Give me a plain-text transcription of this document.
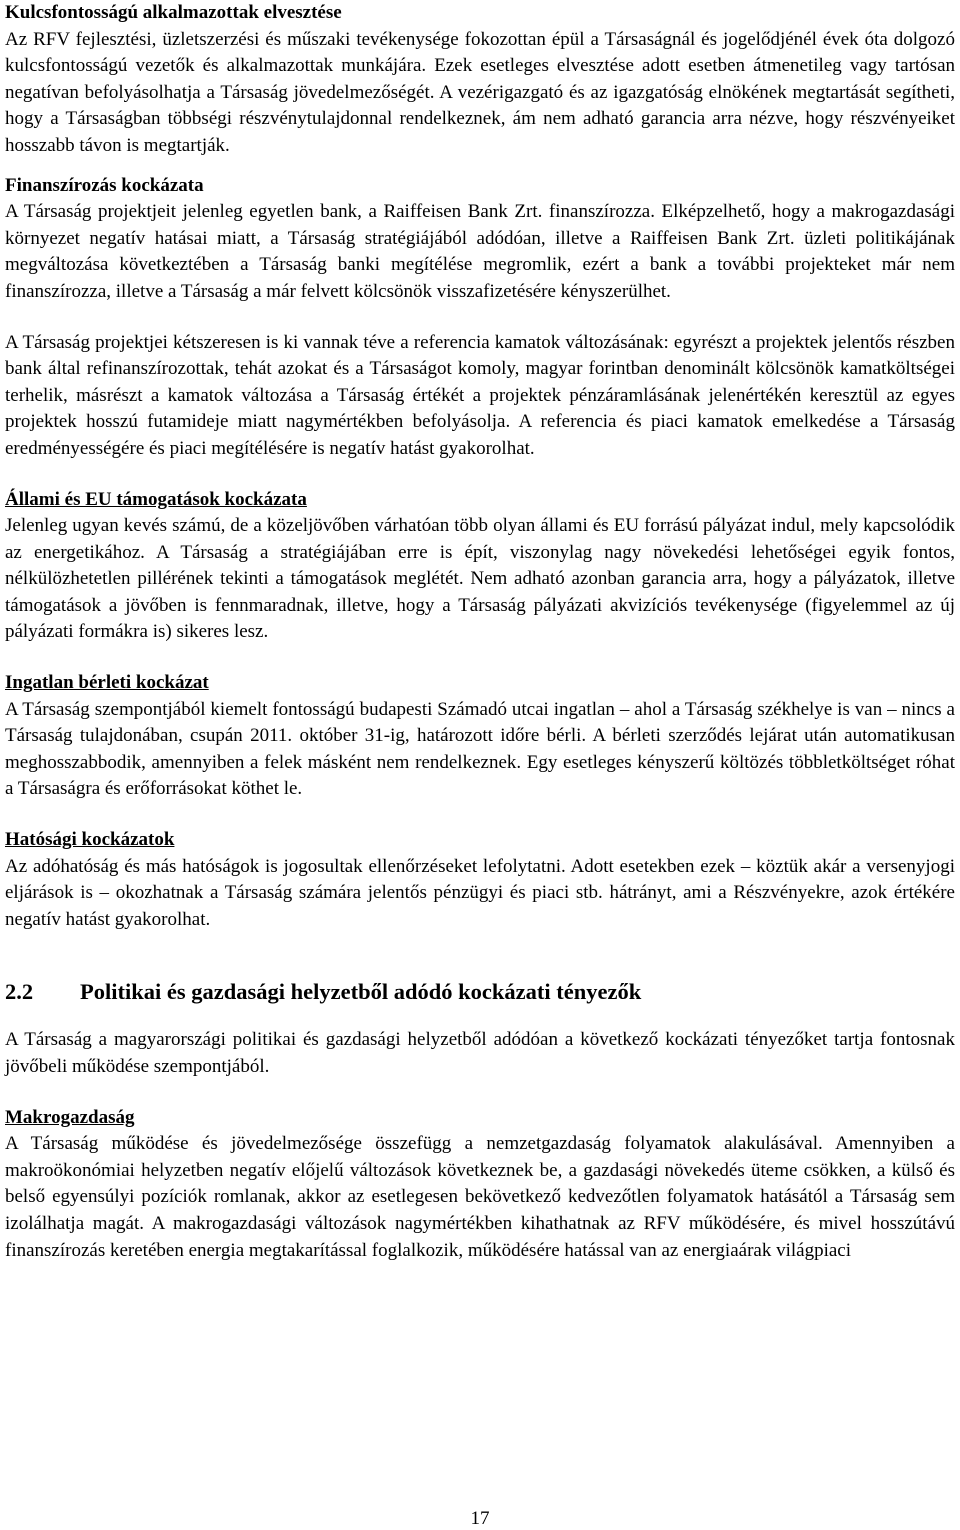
Kulcsfontosságú alkalmazottak elvesztése

Az RFV fejlesztési, üzletszerzési és műszaki tevékenysége fokozottan épül a Társaságnál és jogelődjénél évek óta dolgozó kulcsfontosságú vezetők és alkalmazottak munkájára. Ezek esetleges elvesztése adott esetben átmenetileg vagy tartósan negatívan befolyásolhatja a Társaság jövedelmezőségét. A vezérigazgató és az igazgatóság elnökének megtartását segítheti, hogy a Társaságban többségi részvénytulajdonnal rendelkeznek, ám nem adható garancia arra nézve, hogy részvényeiket hosszabb távon is megtartják.

Finanszírozás kockázata

A Társaság projektjeit jelenleg egyetlen bank, a Raiffeisen Bank Zrt. finanszírozza. Elképzelhető, hogy a makrogazdasági környezet negatív hatásai miatt, a Társaság stratégiájából adódóan, illetve a Raiffeisen Bank Zrt. üzleti politikájának megváltozása következtében a Társaság banki megítélése megromlik, ezért a bank a további projekteket már nem finanszírozza, illetve a Társaság a már felvett kölcsönök visszafizetésére kényszerülhet.

A Társaság projektjei kétszeresen is ki vannak téve a referencia kamatok változásának: egyrészt a projektek jelentős részben bank által refinanszírozottak, tehát azokat és a Társaságot komoly, magyar forintban denominált kölcsönök kamatköltségei terhelik, másrészt a kamatok változása a Társaság értékét a projektek pénzáramlásának jelenértékén keresztül az egyes projektek hosszú futamideje miatt nagymértékben befolyásolja. A referencia és piaci kamatok emelkedése a Társaság eredményességére és piaci megítélésére is negatív hatást gyakorolhat.

Állami és EU támogatások kockázata

Jelenleg ugyan kevés számú, de a közeljövőben várhatóan több olyan állami és EU forrású pályázat indul, mely kapcsolódik az energetikához. A Társaság a stratégiájában erre is épít, viszonylag nagy növekedési lehetőségei egyik fontos, nélkülözhetetlen pillérének tekinti a támogatások meglétét. Nem adható azonban garancia arra, hogy a pályázatok, illetve támogatások a jövőben is fennmaradnak, illetve, hogy a Társaság pályázati akvizíciós tevékenysége (figyelemmel az új pályázati formákra is) sikeres lesz.

Ingatlan bérleti kockázat

A Társaság szempontjából kiemelt fontosságú budapesti Számadó utcai ingatlan – ahol a Társaság székhelye is van – nincs a Társaság tulajdonában, csupán 2011. október 31-ig, határozott időre bérli. A bérleti szerződés lejárat után automatikusan meghosszabbodik, amennyiben a felek másként nem rendelkeznek. Egy esetleges kényszerű költözés többletköltséget róhat a Társaságra és erőforrásokat köthet le.

Hatósági kockázatok

Az adóhatóság és más hatóságok is jogosultak ellenőrzéseket lefolytatni. Adott esetekben ezek – köztük akár a versenyjogi eljárások is – okozhatnak a Társaság számára jelentős pénzügyi és piaci stb. hátrányt, ami a Részvényekre, azok értékére negatív hatást gyakorolhat.

2.2	Politikai és gazdasági helyzetből adódó kockázati tényezők

A Társaság a magyarországi politikai és gazdasági helyzetből adódóan a következő kockázati tényezőket tartja fontosnak jövőbeli működése szempontjából.

Makrogazdaság

A Társaság működése és jövedelmezősége összefügg a nemzetgazdaság folyamatok alakulásával. Amennyiben a makroökonómiai helyzetben negatív előjelű változások következnek be, a gazdasági növekedés üteme csökken, a külső és belső egyensúlyi pozíciók romlanak, akkor az esetlegesen bekövetkező kedvezőtlen folyamatok hatásától a Társaság sem izolálhatja magát. A makrogazdasági változások nagymértékben kihathatnak az RFV működésére, és mivel hosszútávú finanszírozás keretében energia megtakarítással foglalkozik, működésére hatással van az energiaárak világpiaci

17
